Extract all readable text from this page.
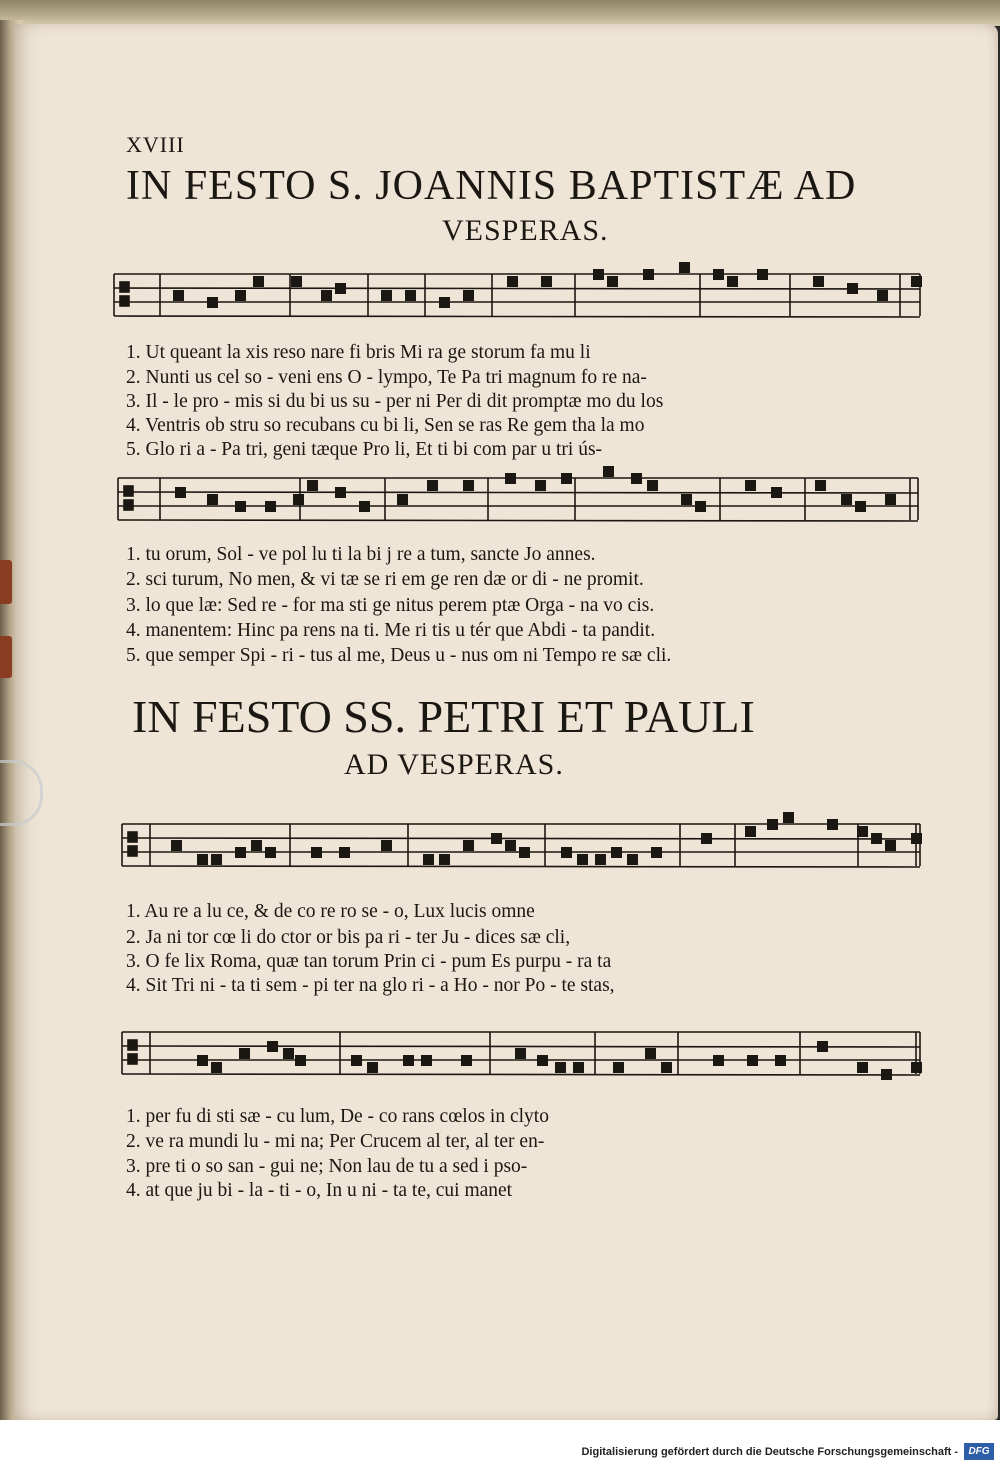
XVIII
IN FESTO S. JOANNIS BAPTISTÆ AD
VESPERAS.
1. Ut queant la xis reso nare fi bris Mi ra ge storum fa mu li
2. Nunti us cel so - veni ens O - lympo, Te Pa tri magnum fo re na-
3. Il - le pro - mis si du bi us su - per ni Per di dit promptæ mo du los
4. Ventris ob stru so recubans cu bi li, Sen se ras Re gem tha la mo
5. Glo ri a - Pa tri, geni tæque Pro li, Et ti bi com par u tri ús-
1. tu orum, Sol - ve pol lu ti la bi j re a tum, sancte Jo annes.
2. sci turum, No men, & vi tæ se ri em ge ren dæ or di - ne promit.
3. lo que læ: Sed re - for ma sti ge nitus perem ptæ Orga - na vo cis.
4. manentem: Hinc pa rens na ti. Me ri tis u tér que Abdi - ta pandit.
5. que semper Spi - ri - tus al me, Deus u - nus om ni Tempo re sæ cli.
IN FESTO SS. PETRI ET PAULI
AD VESPERAS.
1. Au re a lu ce, & de co re ro se - o, Lux lucis omne
2. Ja ni tor cœ li do ctor or bis pa ri - ter Ju - dices sæ cli,
3. O fe lix Roma, quæ tan torum Prin ci - pum Es purpu - ra ta
4. Sit Tri ni - ta ti sem - pi ter na glo ri - a Ho - nor Po - te stas,
1. per fu di sti sæ - cu lum, De - co rans cœlos in clyto
2. ve ra mundi lu - mi na; Per Crucem al ter, al ter en-
3. pre ti o so san - gui ne; Non lau de tu a sed i pso-
4. at que ju bi - la - ti - o, In u ni - ta te, cui manet
Digitalisierung gefördert durch die Deutsche Forschungsgemeinschaft -	DFG
